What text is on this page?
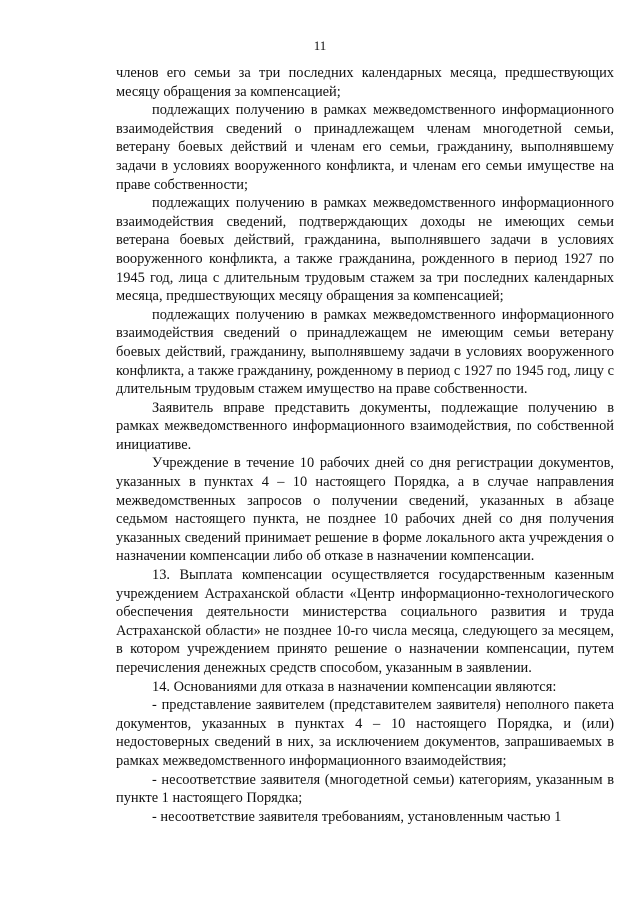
11

членов его семьи за три последних календарных месяца, предшествующих месяцу обращения за компенсацией;

подлежащих получению в рамках межведомственного информационного взаимодействия сведений о принадлежащем членам многодетной семьи, ветерану боевых действий и членам его семьи, гражданину, выполнявшему задачи в условиях вооруженного конфликта, и членам его семьи имуществе на праве собственности;

подлежащих получению в рамках межведомственного информационного взаимодействия сведений, подтверждающих доходы не имеющих семьи ветерана боевых действий, гражданина, выполнявшего задачи в условиях вооруженного конфликта, а также гражданина, рожденного в период 1927 по 1945 год, лица с длительным трудовым стажем за три последних календарных месяца, предшествующих месяцу обращения за компенсацией;

подлежащих получению в рамках межведомственного информационного взаимодействия сведений о принадлежащем не имеющим семьи ветерану боевых действий, гражданину, выполнявшему задачи в условиях вооруженного конфликта, а также гражданину, рожденному в период с 1927 по 1945 год, лицу с длительным трудовым стажем имущество на праве собственности.

Заявитель вправе представить документы, подлежащие получению в рамках межведомственного информационного взаимодействия, по собственной инициативе.

Учреждение в течение 10 рабочих дней со дня регистрации документов, указанных в пунктах 4 – 10 настоящего Порядка, а в случае направления межведомственных запросов о получении сведений, указанных в абзаце седьмом настоящего пункта, не позднее 10 рабочих дней со дня получения указанных сведений принимает решение в форме локального акта учреждения о назначении компенсации либо об отказе в назначении компенсации.

13. Выплата компенсации осуществляется государственным казенным учреждением Астраханской области «Центр информационно-технологического обеспечения деятельности министерства социального развития и труда Астраханской области» не позднее 10-го числа месяца, следующего за месяцем, в котором учреждением принято решение о назначении компенсации, путем перечисления денежных средств способом, указанным в заявлении.

14. Основаниями для отказа в назначении компенсации являются:

- представление заявителем (представителем заявителя) неполного пакета документов, указанных в пунктах 4 – 10 настоящего Порядка, и (или) недостоверных сведений в них, за исключением документов, запрашиваемых в рамках межведомственного информационного взаимодействия;

- несоответствие заявителя (многодетной семьи) категориям, указанным в пункте 1 настоящего Порядка;

- несоответствие заявителя требованиям, установленным частью 1
